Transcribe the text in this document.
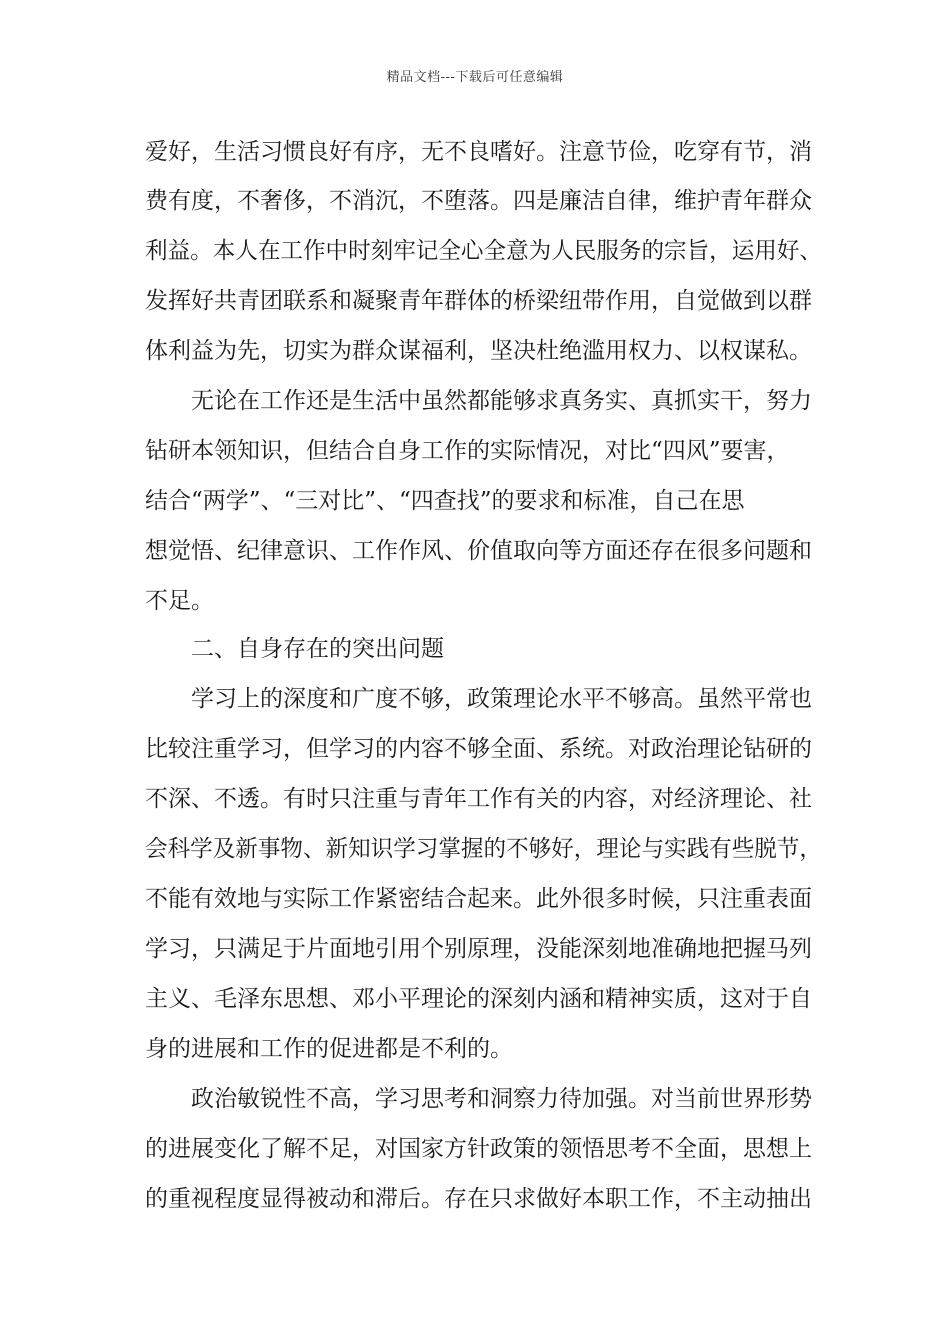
精品文档---下载后可任意编辑
爱好，生活习惯良好有序，无不良嗜好。注意节俭，吃穿有节，消
费有度，不奢侈，不消沉，不堕落。四是廉洁自律，维护青年群众
利益。本人在工作中时刻牢记全心全意为人民服务的宗旨，运用好、
发挥好共青团联系和凝聚青年群体的桥梁纽带作用，自觉做到以群
体利益为先，切实为群众谋福利，坚决杜绝滥用权力、以权谋私。
无论在工作还是生活中虽然都能够求真务实、真抓实干，努力
钻研本领知识，但结合自身工作的实际情况，对比“四风”要害，
结合“两学”、“三对比”、“四查找”的要求和标准，自己在思
想觉悟、纪律意识、工作作风、价值取向等方面还存在很多问题和
不足。
二、自身存在的突出问题
学习上的深度和广度不够，政策理论水平不够高。虽然平常也
比较注重学习，但学习的内容不够全面、系统。对政治理论钻研的
不深、不透。有时只注重与青年工作有关的内容，对经济理论、社
会科学及新事物、新知识学习掌握的不够好，理论与实践有些脱节，
不能有效地与实际工作紧密结合起来。此外很多时候，只注重表面
学习，只满足于片面地引用个别原理，没能深刻地准确地把握马列
主义、毛泽东思想、邓小平理论的深刻内涵和精神实质，这对于自
身的进展和工作的促进都是不利的。
政治敏锐性不高，学习思考和洞察力待加强。对当前世界形势
的进展变化了解不足，对国家方针政策的领悟思考不全面，思想上
的重视程度显得被动和滞后。存在只求做好本职工作，不主动抽出
